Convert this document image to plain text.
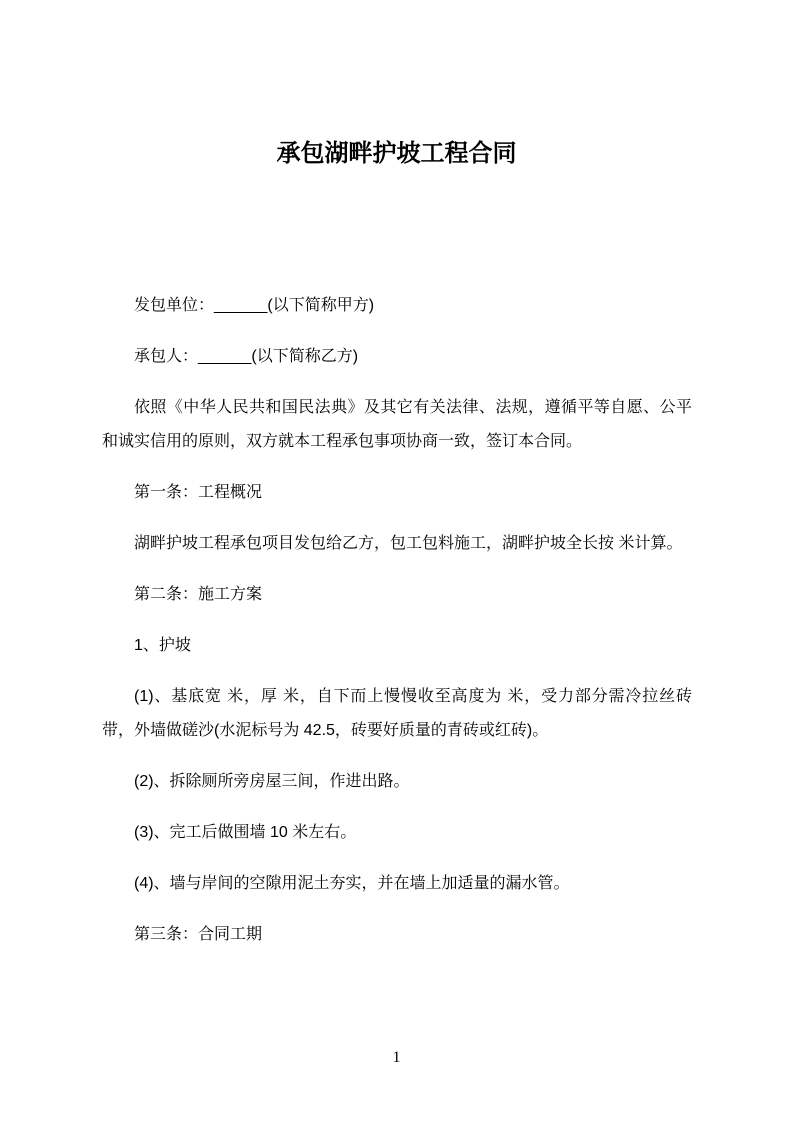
承包湖畔护坡工程合同

发包单位：______(以下简称甲方)

承包人：______(以下简称乙方)

依照《中华人民共和国民法典》及其它有关法律、法规，遵循平等自愿、公平和诚实信用的原则，双方就本工程承包事项协商一致，签订本合同。

第一条：工程概况

湖畔护坡工程承包项目发包给乙方，包工包料施工，湖畔护坡全长按 米计算。

第二条：施工方案

1、护坡

(1)、基底宽 米，厚 米，自下而上慢慢收至高度为 米，受力部分需冷拉丝砖带，外墙做磋沙(水泥标号为 42.5，砖要好质量的青砖或红砖)。

(2)、拆除厕所旁房屋三间，作进出路。

(3)、完工后做围墙 10 米左右。

(4)、墙与岸间的空隙用泥土夯实，并在墙上加适量的漏水管。

第三条：合同工期

1
